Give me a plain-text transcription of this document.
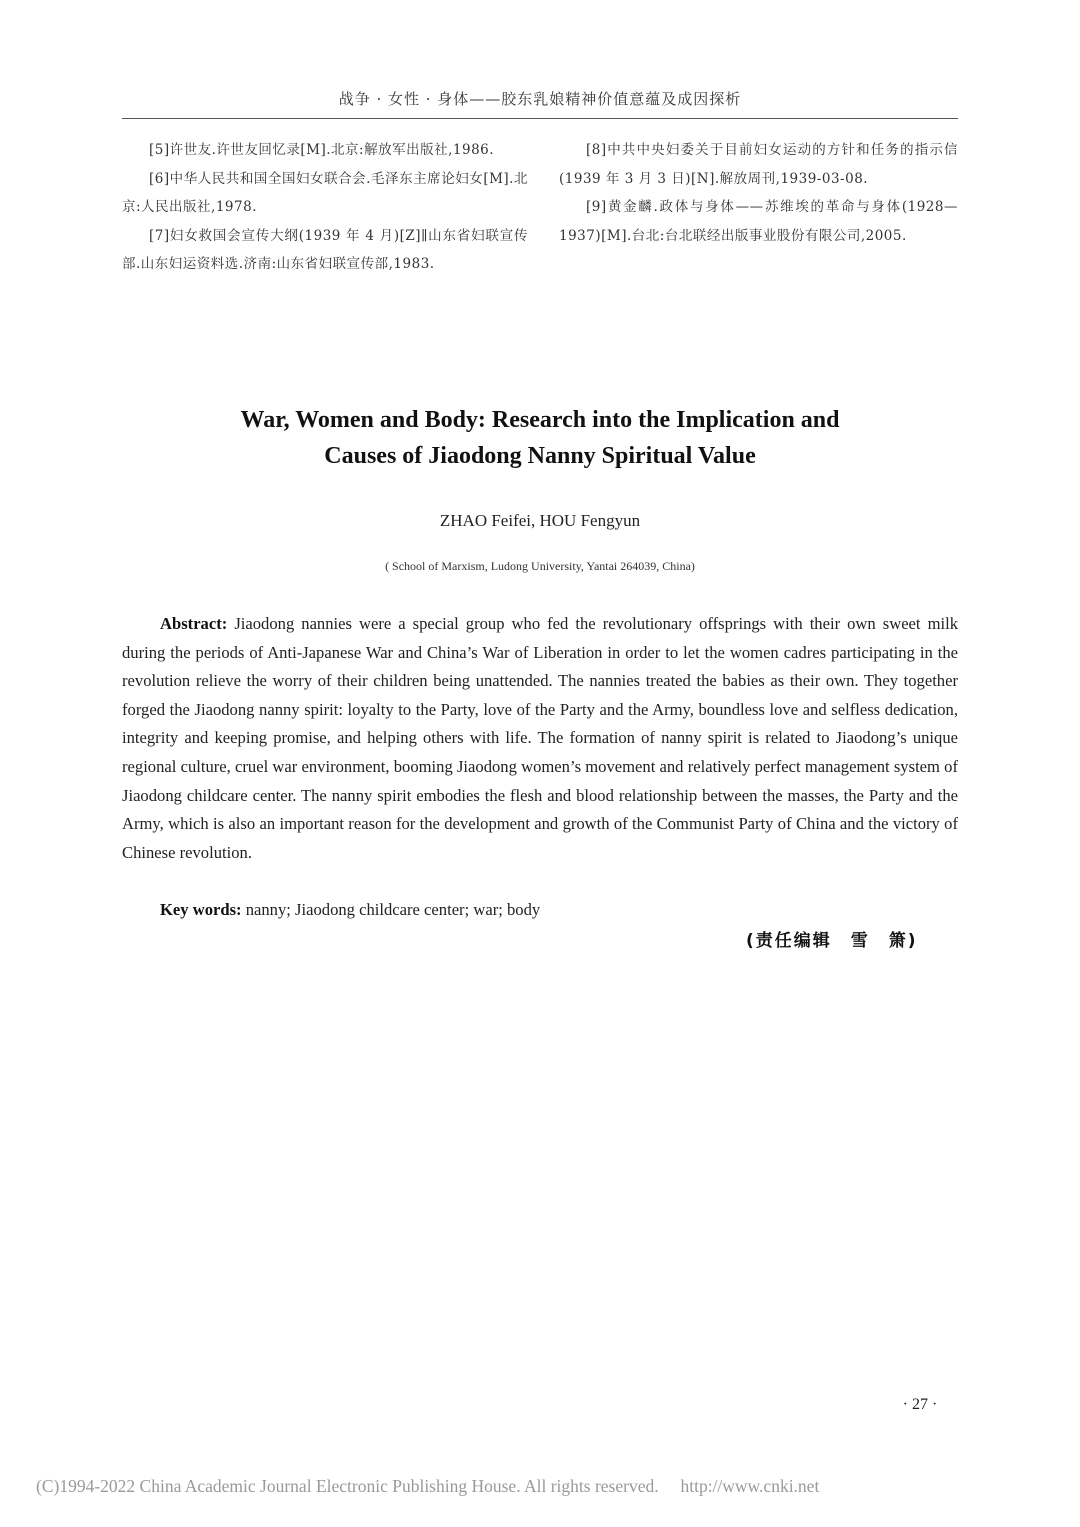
战争 · 女性 · 身体——胶东乳娘精神价值意蕴及成因探析

[5]许世友.许世友回忆录[M].北京:解放军出版社,1986.

[6]中华人民共和国全国妇女联合会.毛泽东主席论妇女[M].北京:人民出版社,1978.

[7]妇女救国会宣传大纲(1939 年 4 月)[Z]∥山东省妇联宣传部.山东妇运资料选.济南:山东省妇联宣传部,1983.

[8]中共中央妇委关于目前妇女运动的方针和任务的指示信(1939 年 3 月 3 日)[N].解放周刊,1939-03-08.

[9]黄金麟.政体与身体——苏维埃的革命与身体(1928—1937)[M].台北:台北联经出版事业股份有限公司,2005.

War, Women and Body: Research into the Implication and
Causes of Jiaodong Nanny Spiritual Value
ZHAO Feifei, HOU Fengyun
( School of Marxism, Ludong University, Yantai 264039, China)

Abstract: Jiaodong nannies were a special group who fed the revolutionary offsprings with their own sweet milk during the periods of Anti-Japanese War and China’s War of Liberation in order to let the women cadres participating in the revolution relieve the worry of their children being unattended. The nannies treated the babies as their own. They together forged the Jiaodong nanny spirit: loyalty to the Party, love of the Party and the Army, boundless love and selfless dedication, integrity and keeping promise, and helping others with life. The formation of nanny spirit is related to Jiaodong’s unique regional culture, cruel war environment, booming Jiaodong women’s movement and relatively perfect management system of Jiaodong childcare center. The nanny spirit embodies the flesh and blood relationship between the masses, the Party and the Army, which is also an important reason for the development and growth of the Communist Party of China and the victory of Chinese revolution.

Key words: nanny; Jiaodong childcare center; war; body

(责任编辑　雪　箫)
· 27 ·
(C)1994-2022 China Academic Journal Electronic Publishing House. All rights reserved.　 http://www.cnki.net
